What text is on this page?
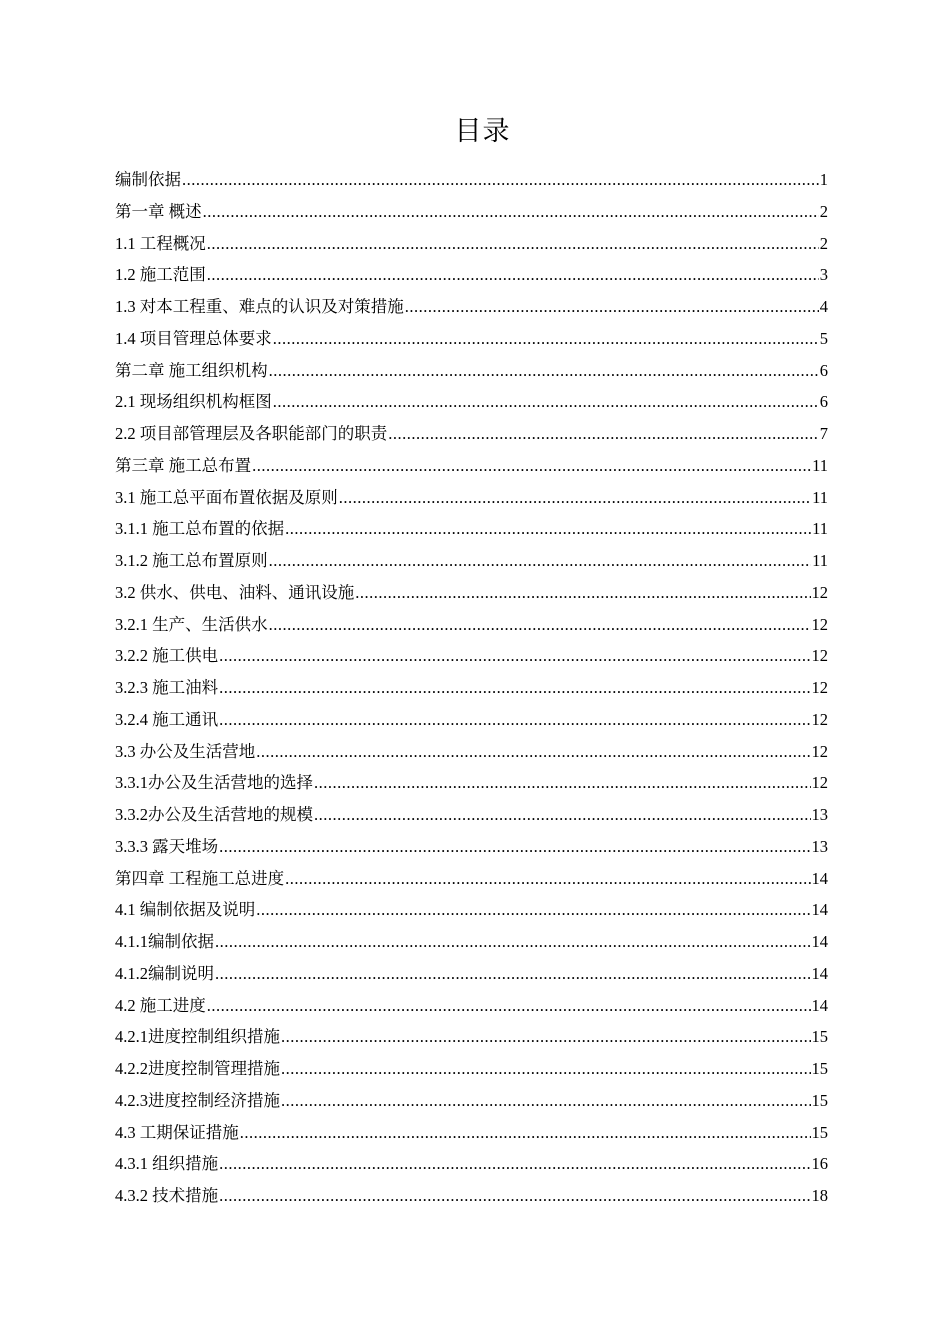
目录
编制依据 .....	1
第一章 概述 .....	2
1.1 工程概况 .....	2
1.2 施工范围 .....	3
1.3 对本工程重、难点的认识及对策措施 .....	4
1.4 项目管理总体要求 .....	5
第二章 施工组织机构 .....	6
2.1 现场组织机构框图 .....	6
2.2 项目部管理层及各职能部门的职责 .....	7
第三章 施工总布置 .....	11
3.1 施工总平面布置依据及原则 .....	11
3.1.1 施工总布置的依据 .....	11
3.1.2 施工总布置原则 .....	11
3.2 供水、供电、油料、通讯设施 .....	12
3.2.1 生产、生活供水 .....	12
3.2.2 施工供电 .....	12
3.2.3 施工油料 .....	12
3.2.4 施工通讯 .....	12
3.3 办公及生活营地 .....	12
3.3.1办公及生活营地的选择 .....	12
3.3.2办公及生活营地的规模 .....	13
3.3.3 露天堆场 .....	13
第四章 工程施工总进度 .....	14
4.1 编制依据及说明 .....	14
4.1.1编制依据 .....	14
4.1.2编制说明 .....	14
4.2 施工进度 .....	14
4.2.1进度控制组织措施 .....	15
4.2.2进度控制管理措施 .....	15
4.2.3进度控制经济措施 .....	15
4.3 工期保证措施 .....	15
4.3.1 组织措施 .....	16
4.3.2 技术措施 .....	18
